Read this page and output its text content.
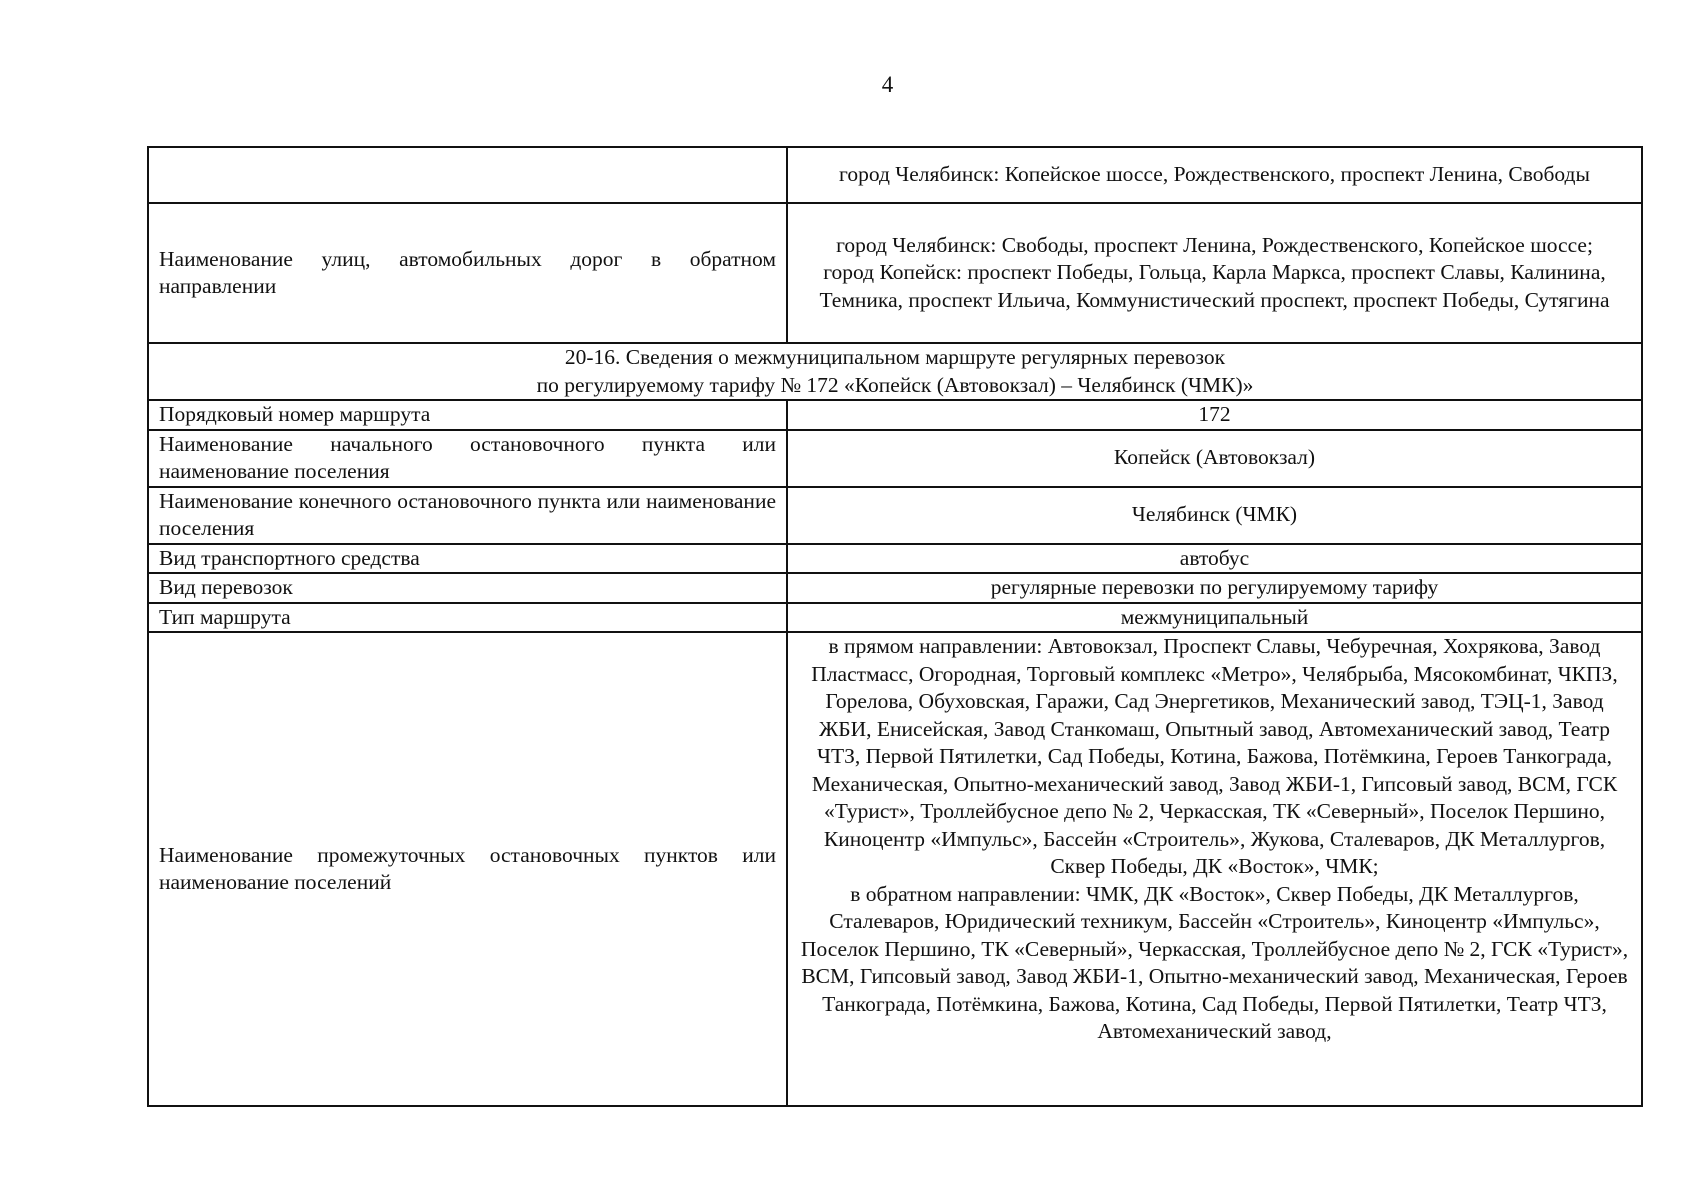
4
	город Челябинск: Копейское шоссе, Рождественского, проспект Ленина, Свободы
Наименование улиц, автомобильных дорог в обратном направлении	город Челябинск: Свободы, проспект Ленина, Рождественского, Копейское шоссе;
город Копейск: проспект Победы, Гольца, Карла Маркса, проспект Славы, Калинина, Темника, проспект Ильича, Коммунистический проспект, проспект Победы, Сутягина

20-16. Сведения о межмуниципальном маршруте регулярных перевозок
по регулируемому тарифу № 172 «Копейск (Автовокзал) – Челябинск (ЧМК)»	

Порядковый номер маршрута	172
Наименование начального остановочного пункта или наименование поселения	Копейск (Автовокзал)
Наименование конечного остановочного пункта или наименование поселения	Челябинск (ЧМК)
Вид транспортного средства	автобус
Вид перевозок	регулярные перевозки по регулируемому тарифу
Тип маршрута	межмуниципальный
Наименование промежуточных остановочных пунктов или наименование поселений	в прямом направлении: Автовокзал, Проспект Славы, Чебуречная, Хохрякова, Завод Пластмасс, Огородная, Торговый комплекс «Метро», Челябрыба, Мясокомбинат, ЧКПЗ, Горелова, Обуховская, Гаражи, Сад Энергетиков, Механический завод, ТЭЦ-1, Завод ЖБИ, Енисейская, Завод Станкомаш, Опытный завод, Автомеханический завод, Театр ЧТЗ, Первой Пятилетки, Сад Победы, Котина, Бажова, Потёмкина, Героев Танкограда, Механическая, Опытно-механический завод, Завод ЖБИ-1, Гипсовый завод, ВСМ, ГСК «Турист», Троллейбусное депо № 2, Черкасская, ТК «Северный», Поселок Першино, Киноцентр «Импульс», Бассейн «Строитель», Жукова, Сталеваров, ДК Металлургов, Сквер Победы, ДК «Восток», ЧМК;
в обратном направлении: ЧМК, ДК «Восток», Сквер Победы, ДК Металлургов, Сталеваров, Юридический техникум, Бассейн «Строитель», Киноцентр «Импульс», Поселок Першино, ТК «Северный», Черкасская, Троллейбусное депо № 2, ГСК «Турист», ВСМ, Гипсовый завод, Завод ЖБИ-1, Опытно-механический завод, Механическая, Героев Танкограда, Потёмкина, Бажова, Котина, Сад Победы, Первой Пятилетки, Театр ЧТЗ, Автомеханический завод,
